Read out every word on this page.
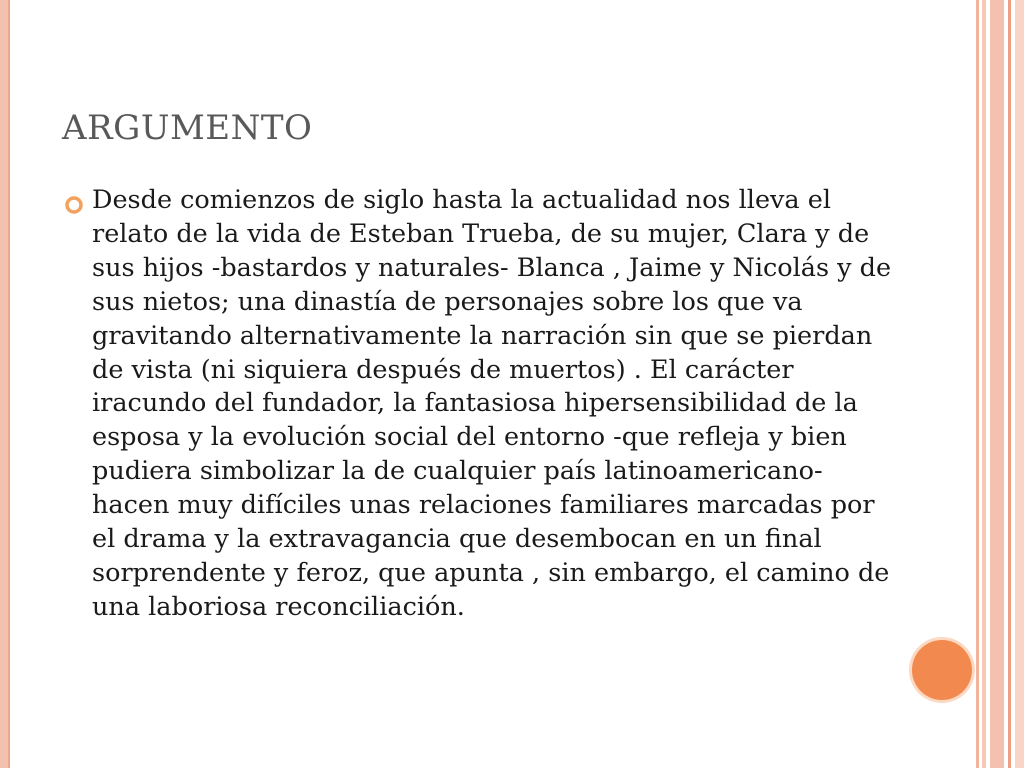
ARGUMENTO

Desde comienzos de siglo hasta la actualidad nos lleva el relato de la vida de Esteban Trueba, de su mujer, Clara y de sus hijos -bastardos y naturales- Blanca , Jaime y Nicolás y de sus nietos; una dinastía de personajes sobre los que va gravitando alternativamente la narración sin que se pierdan de vista (ni siquiera después de muertos) . El carácter iracundo del fundador, la fantasiosa hipersensibilidad de la esposa y la evolución social del entorno -que refleja y bien pudiera simbolizar la de cualquier país latinoamericano- hacen muy difíciles unas relaciones familiares marcadas por el drama y la extravagancia que desembocan en un final sorprendente y feroz, que apunta , sin embargo, el camino de una laboriosa reconciliación.
